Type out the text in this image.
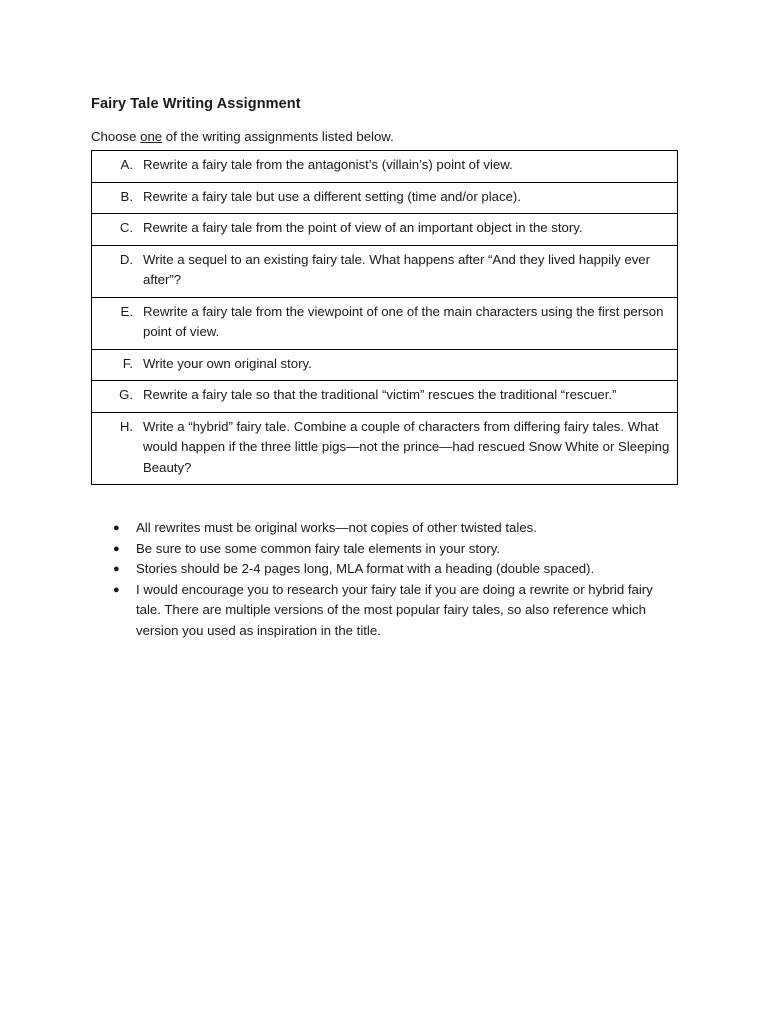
Fairy Tale Writing Assignment
Choose one of the writing assignments listed below.
A. Rewrite a fairy tale from the antagonist’s (villain’s) point of view.

B. Rewrite a fairy tale but use a different setting (time and/or place).

C. Rewrite a fairy tale from the point of view of an important object in the story.

D. Write a sequel to an existing fairy tale. What happens after “And they lived happily ever after”?

E. Rewrite a fairy tale from the viewpoint of one of the main characters using the first person point of view.

F. Write your own original story.

G. Rewrite a fairy tale so that the traditional “victim” rescues the traditional “rescuer.”

H. Write a “hybrid” fairy tale. Combine a couple of characters from differing fairy tales. What would happen if the three little pigs—not the prince—had rescued Snow White or Sleeping Beauty?
●	All rewrites must be original works—not copies of other twisted tales.
●	Be sure to use some common fairy tale elements in your story.
●	Stories should be 2-4 pages long, MLA format with a heading (double spaced).
●	I would encourage you to research your fairy tale if you are doing a rewrite or hybrid fairy tale. There are multiple versions of the most popular fairy tales, so also reference which version you used as inspiration in the title.
